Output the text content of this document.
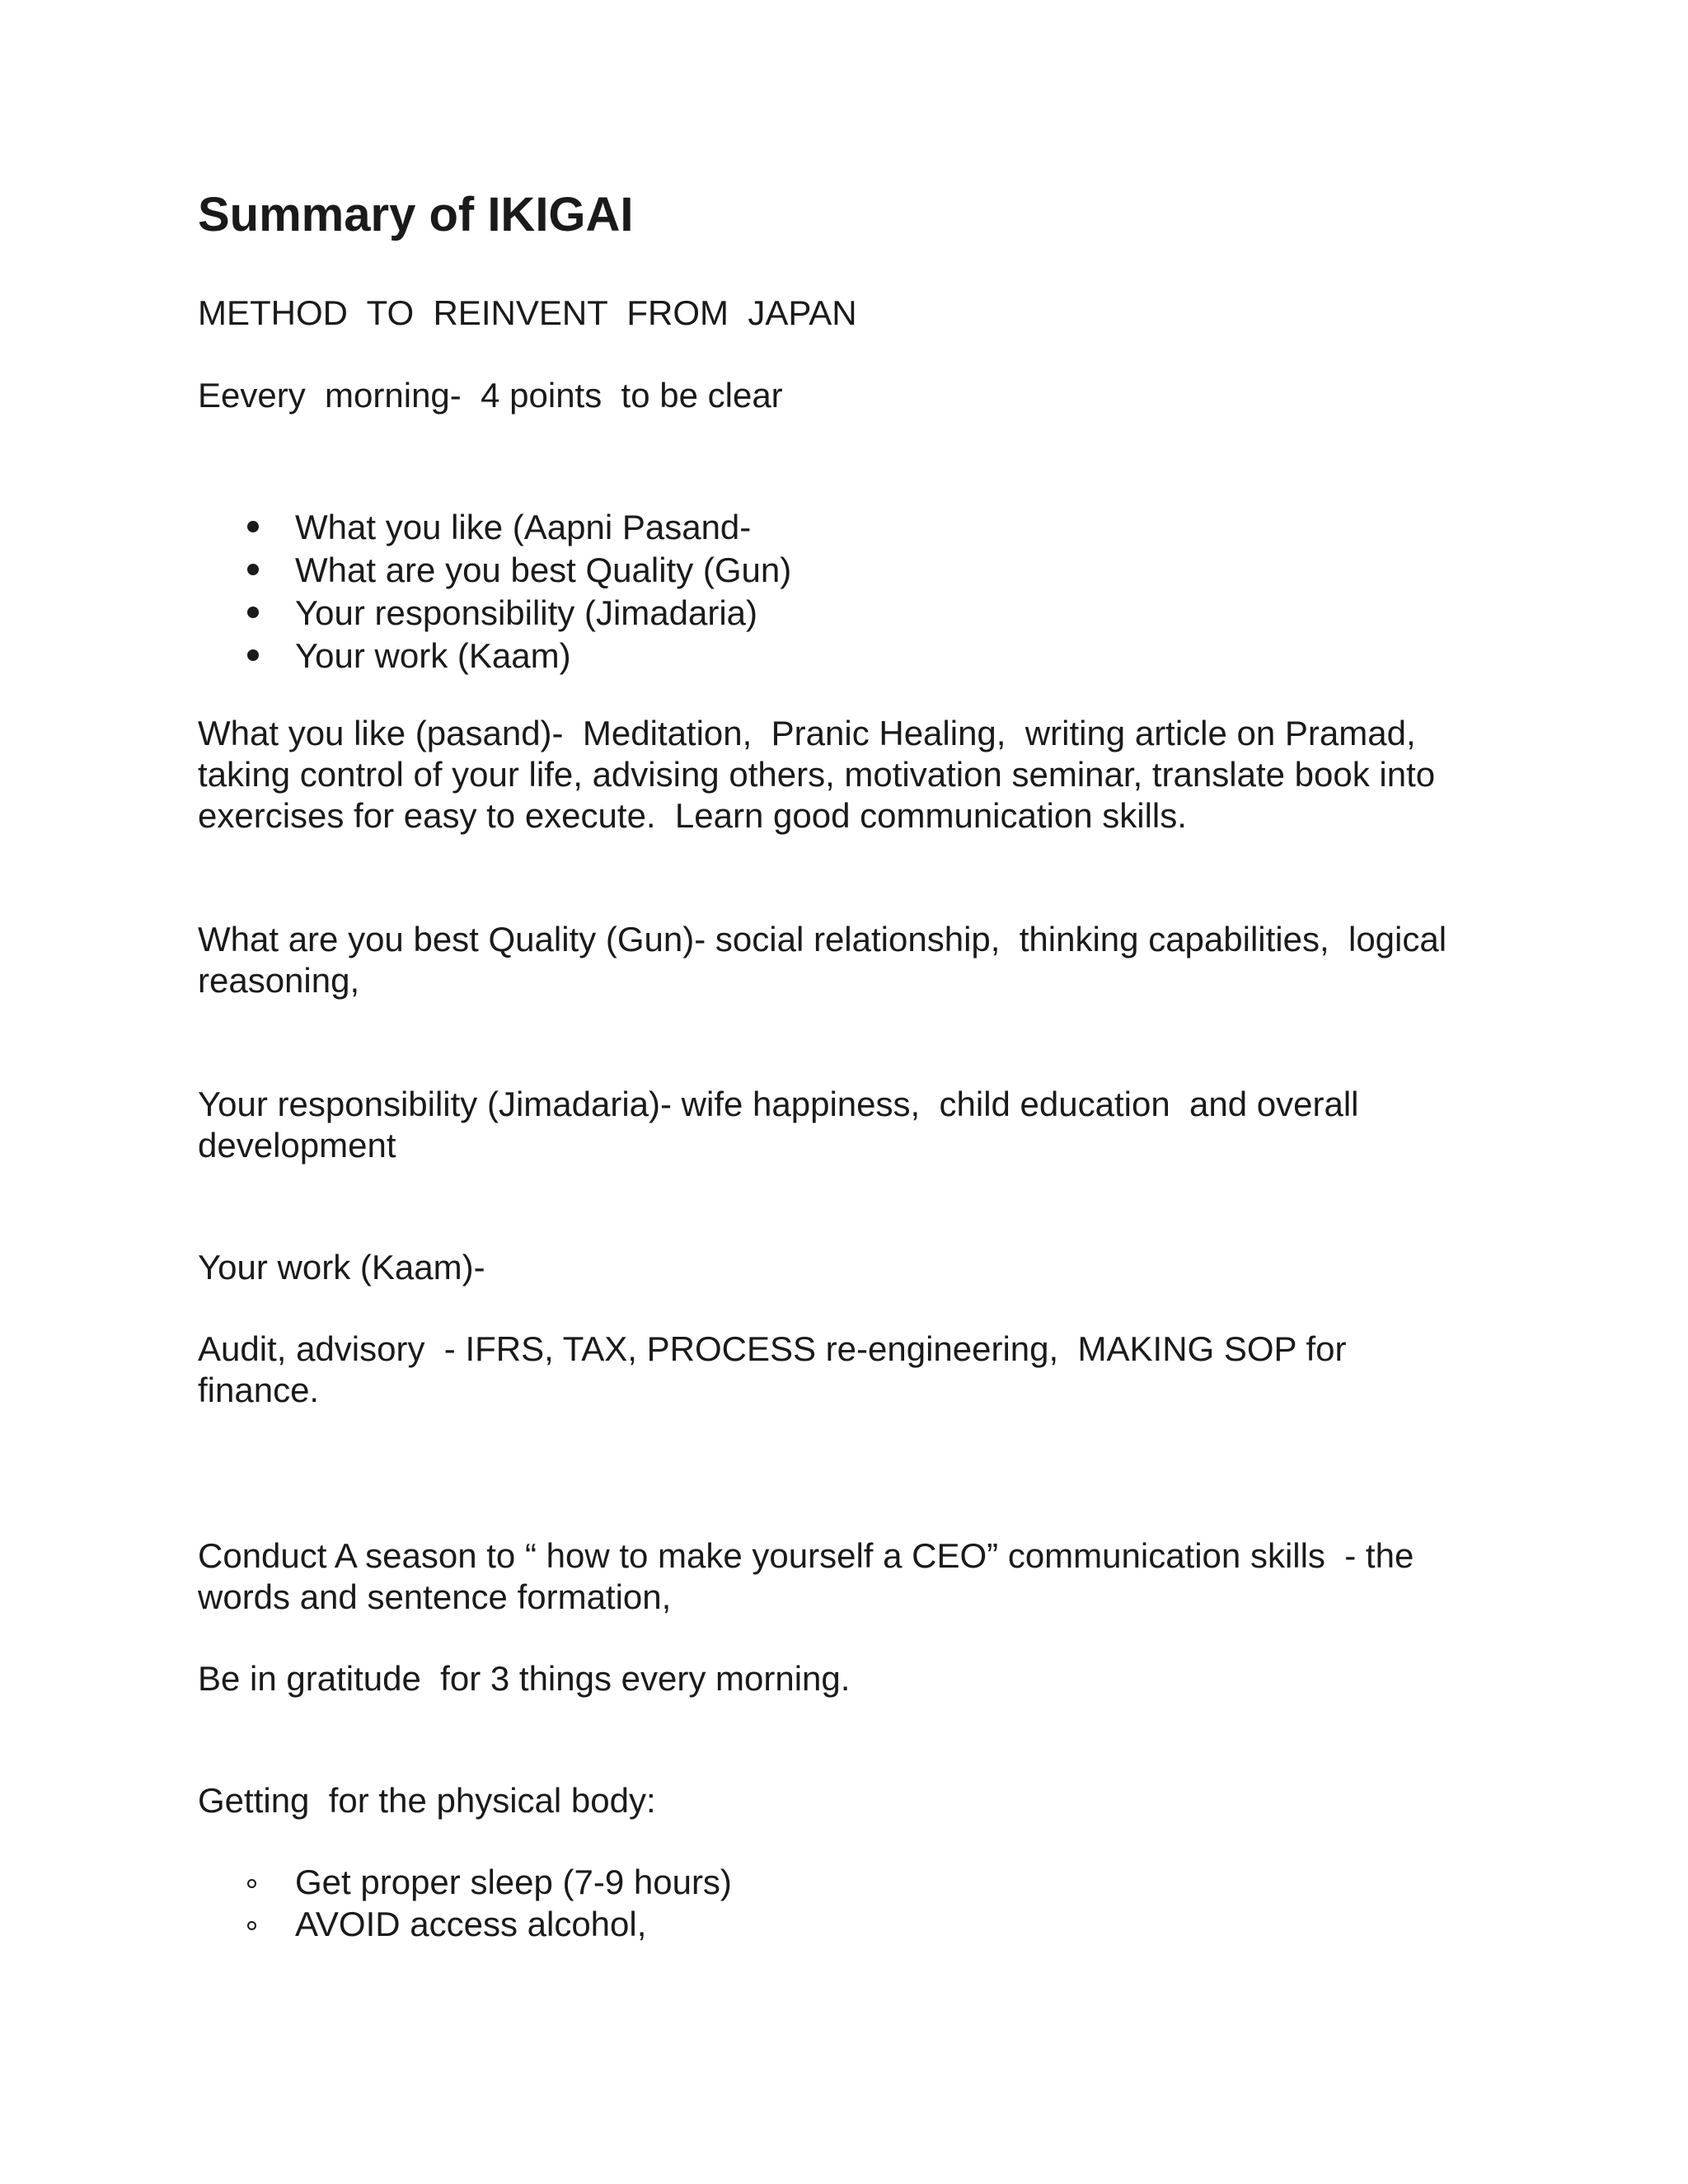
Summary of IKIGAI
METHOD  TO  REINVENT  FROM  JAPAN
Eevery  morning-  4 points  to be clear
What you like (Aapni Pasand-
What are you best Quality (Gun)
Your responsibility (Jimadaria)
Your work (Kaam)
What you like (pasand)-  Meditation,  Pranic Healing,  writing article on Pramad,
taking control of your life, advising others, motivation seminar, translate book into
exercises for easy to execute.  Learn good communication skills.
What are you best Quality (Gun)- social relationship,  thinking capabilities,  logical
reasoning,
Your responsibility (Jimadaria)- wife happiness,  child education  and overall
development
Your work (Kaam)-
Audit, advisory  - IFRS, TAX, PROCESS re-engineering,  MAKING SOP for
finance.
Conduct A season to “ how to make yourself a CEO” communication skills  - the
words and sentence formation,
Be in gratitude  for 3 things every morning.
Getting  for the physical body:
Get proper sleep (7-9 hours)
AVOID access alcohol,
